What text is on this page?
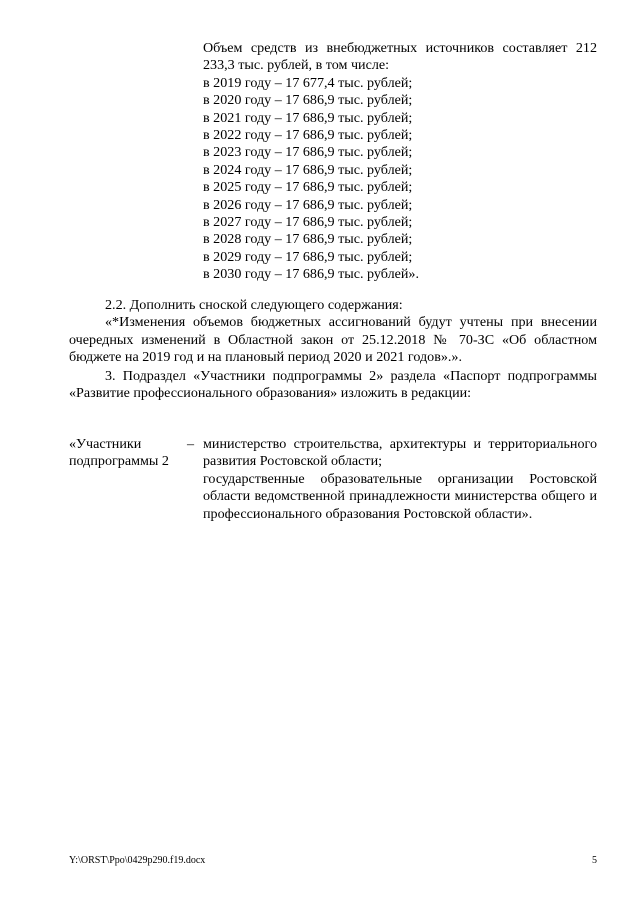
Объем средств из внебюджетных источников составляет 212 233,3 тыс. рублей, в том числе:
в 2019 году – 17 677,4 тыс. рублей;
в 2020 году – 17 686,9 тыс. рублей;
в 2021 году – 17 686,9 тыс. рублей;
в 2022 году – 17 686,9 тыс. рублей;
в 2023 году – 17 686,9 тыс. рублей;
в 2024 году – 17 686,9 тыс. рублей;
в 2025 году – 17 686,9 тыс. рублей;
в 2026 году – 17 686,9 тыс. рублей;
в 2027 году – 17 686,9 тыс. рублей;
в 2028 году – 17 686,9 тыс. рублей;
в 2029 году – 17 686,9 тыс. рублей;
в 2030 году – 17 686,9 тыс. рублей».
2.2. Дополнить сноской следующего содержания:
«*Изменения объемов бюджетных ассигнований будут учтены при внесении очередных изменений в Областной закон от 25.12.2018 № 70-ЗС «Об областном бюджете на 2019 год и на плановый период 2020 и 2021 годов».».
3. Подраздел «Участники подпрограммы 2» раздела «Паспорт подпрограммы «Развитие профессионального образования» изложить в редакции:
«Участники	–
подпрограммы 2
министерство строительства, архитектуры и территориального развития Ростовской области;
государственные образовательные организации Ростовской области ведомственной принадлежности министерства общего и профессионального образования Ростовской области».
Y:\ORST\Ppo\0429p290.f19.docx	5
